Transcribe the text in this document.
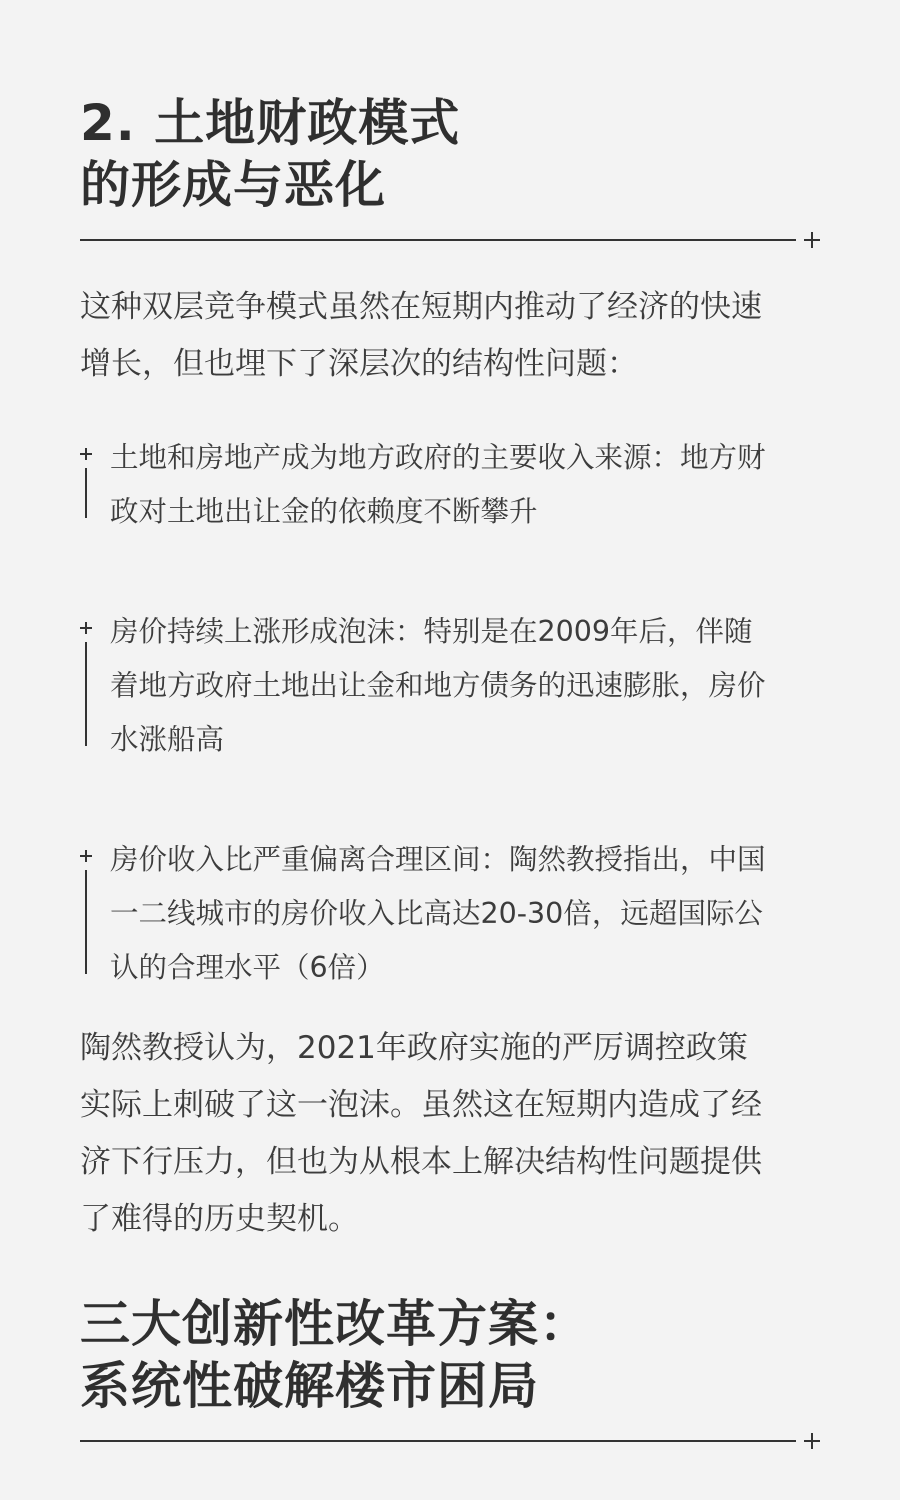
2. 土地财政模式
的形成与恶化

这种双层竞争模式虽然在短期内推动了经济的快速
增长，但也埋下了深层次的结构性问题：

土地和房地产成为地方政府的主要收入来源：地方财
政对土地出让金的依赖度不断攀升
房价持续上涨形成泡沫：特别是在2009年后，伴随
着地方政府土地出让金和地方债务的迅速膨胀，房价
水涨船高
房价收入比严重偏离合理区间：陶然教授指出，中国
一二线城市的房价收入比高达20-30倍，远超国际公
认的合理水平（6倍）

陶然教授认为，2021年政府实施的严厉调控政策
实际上刺破了这一泡沫。虽然这在短期内造成了经
济下行压力，但也为从根本上解决结构性问题提供
了难得的历史契机。

三大创新性改革方案：
系统性破解楼市困局
